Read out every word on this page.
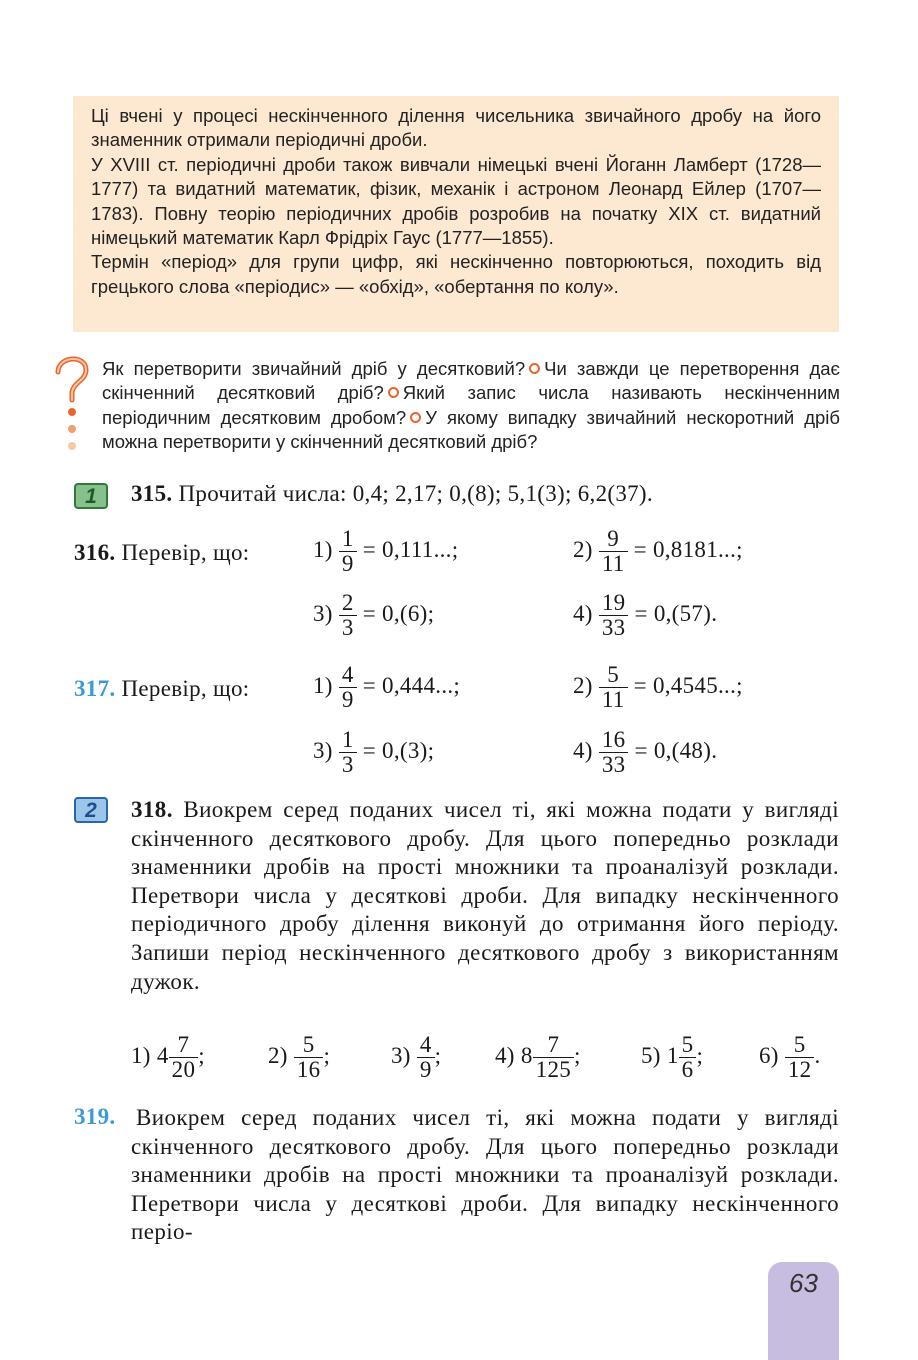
Ці вчені у процесі нескінченного ділення чисельника звичайного дробу на його знаменник отримали періодичні дроби.

У XVIII ст. періодичні дроби також вивчали німецькі вчені Йоганн Ламберт (1728—1777) та видатний математик, фізик, механік і астроном Леонард Ейлер (1707—1783). Повну теорію періодичних дробів розробив на початку XIX ст. видатний німецький математик Карл Фрідріх Гаус (1777—1855).

Термін «період» для групи цифр, які нескінченно повторюються, походить від грецького слова «періодис» — «обхід», «обертання по колу».

Як перетворити звичайний дріб у десятковий? Чи завжди це перетворення дає скінченний десятковий дріб? Який запис числа називають нескінченним періодичним десятковим дробом? У якому випадку звичайний нескоротний дріб можна перетворити у скінченний десятковий дріб?
1	315. Прочитай числа: 0,4; 2,17; 0,(8); 5,1(3); 6,2(37).
316. Перевір, що:	$1) \frac{1}{9} = 0,111$...;	$2) \frac{9}{11} = 0,8181$...;
$3) \frac{2}{3} = 0,(6)$;	$4) \frac{19}{33} = 0,(57)$.
317. Перевір, що:	$1) \frac{4}{9} = 0,444$...;	$2) \frac{5}{11} = 0,4545$...;
$3) \frac{1}{3} = 0,(3)$;	$4) \frac{16}{33} = 0,(48)$.
2	318. Виокрем серед поданих чисел ті, які можна подати у вигляді скінченного десяткового дробу. Для цього попередньо розклади знаменники дробів на прості множники та проаналізуй розклади. Перетвори числа у десяткові дроби. Для випадку нескінченного періодичного дробу ділення виконуй до отримання його періоду. Запиши період нескінченного десяткового дробу з використанням дужок.

1) $4 \frac{7}{20}$ ;	$2) \frac{5}{16}$ ;	$3) \frac{4}{9}$ ; 4) $8 \frac{7}{125}$ ;	5) $1 \frac{5}{6}$ ; $6) \frac{5}{12}$ .
319. Виокрем серед поданих чисел ті, які можна подати у вигляді скінченного десяткового дробу. Для цього попередньо розклади знаменники дробів на прості множники та проаналізуй розклади. Перетвори числа у десяткові дроби. Для випадку нескінченного періо-

63
